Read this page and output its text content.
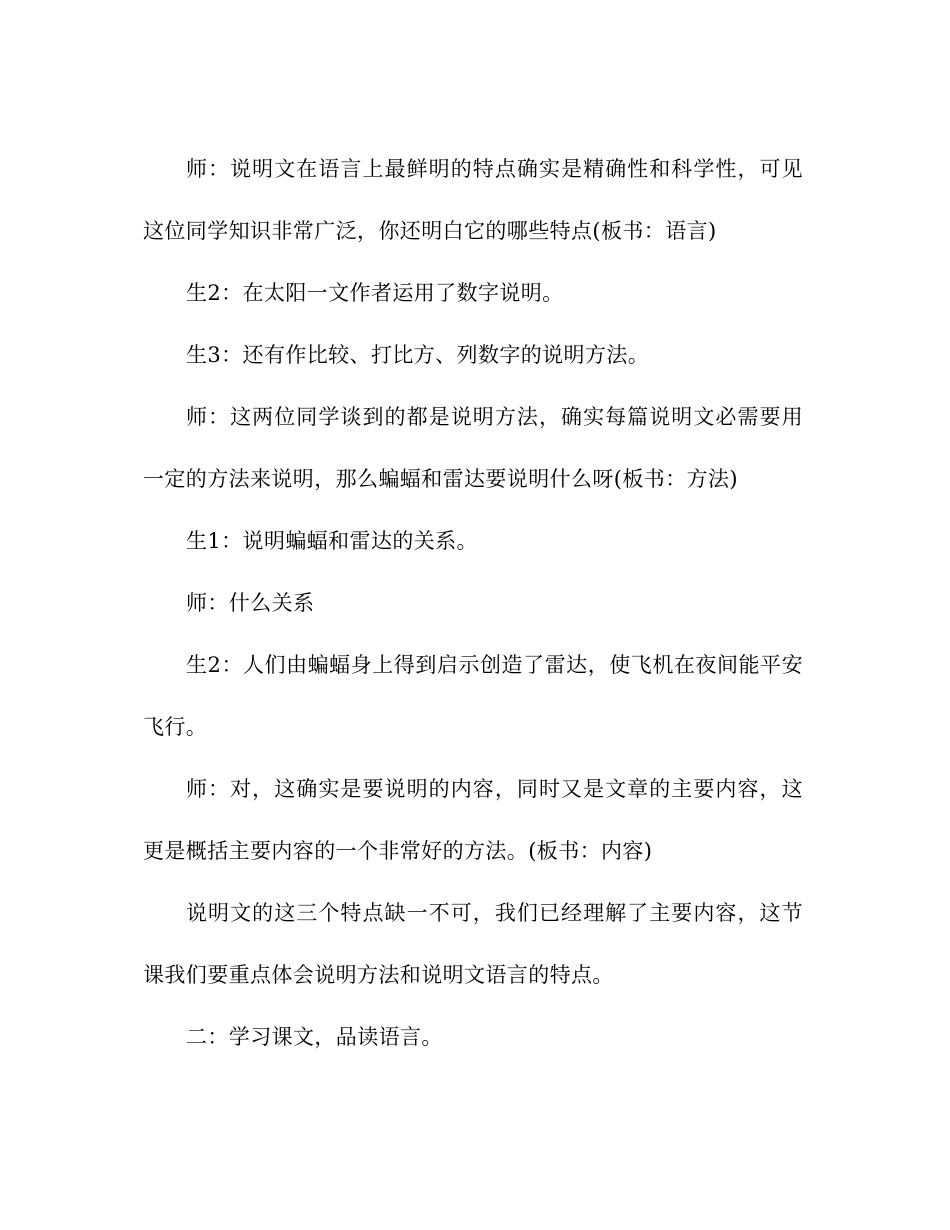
师：说明文在语言上最鲜明的特点确实是精确性和科学性，可见这位同学知识非常广泛，你还明白它的哪些特点(板书：语言)

生2：在太阳一文作者运用了数字说明。

生3：还有作比较、打比方、列数字的说明方法。

师：这两位同学谈到的都是说明方法，确实每篇说明文必需要用一定的方法来说明，那么蝙蝠和雷达要说明什么呀(板书：方法)

生1：说明蝙蝠和雷达的关系。

师：什么关系

生2：人们由蝙蝠身上得到启示创造了雷达，使飞机在夜间能平安飞行。

师：对，这确实是要说明的内容，同时又是文章的主要内容，这更是概括主要内容的一个非常好的方法。(板书：内容)

说明文的这三个特点缺一不可，我们已经理解了主要内容，这节课我们要重点体会说明方法和说明文语言的特点。

二：学习课文，品读语言。
